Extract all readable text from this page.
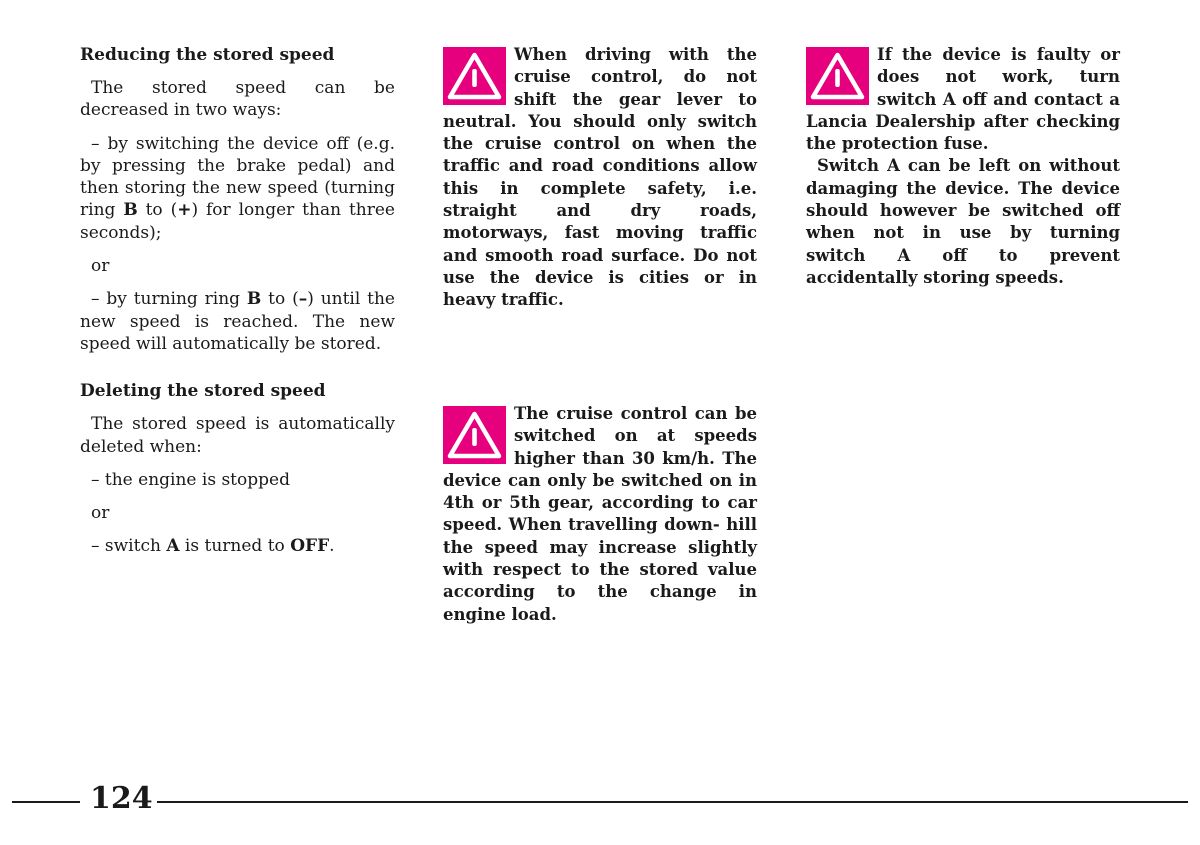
Reducing the stored speed

The stored speed can be decreased in two ways:

– by switching the device off (e.g. by pressing the brake pedal) and then storing the new speed (turning ring B to (+) for longer than three seconds);

or

– by turning ring B to (–) until the new speed is reached. The new speed will automatically be stored.

Deleting the stored speed

The stored speed is automatically deleted when:

– the engine is stopped

or

– switch A is turned to OFF.

When driving with the cruise control, do not shift the gear lever to neutral. You should only switch the cruise control on when the traffic and road conditions allow this in complete safety, i.e. straight and dry roads, motorways, fast moving traffic and smooth road surface. Do not use the device is cities or in heavy traffic.

The cruise control can be switched on at speeds higher than 30 km/h. The device can only be switched on in 4th or 5th gear, according to car speed. When travelling down- hill the speed may increase slightly with respect to the stored value according to the change in engine load.

If the device is faulty or does not work, turn switch A off and contact a Lancia Dealership after checking the protection fuse.

Switch A can be left on without damaging the device. The device should however be switched off when not in use by turning switch A off to prevent accidentally storing speeds.

124
